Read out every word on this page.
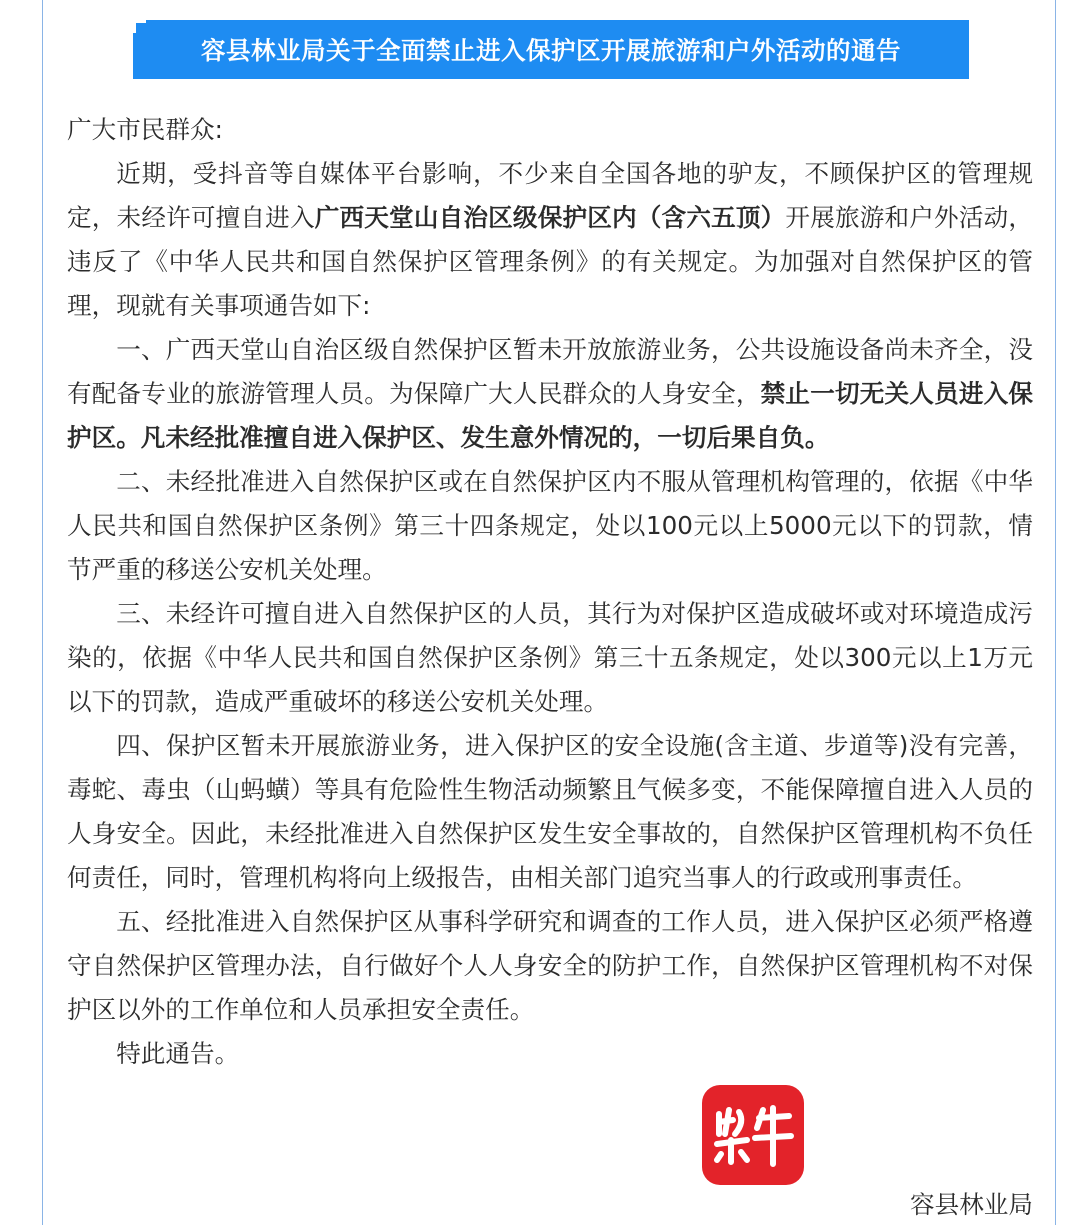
容县林业局关于全面禁止进入保护区开展旅游和户外活动的通告

广大市民群众:

近期，受抖音等自媒体平台影响，不少来自全国各地的驴友，不顾保护区的管理规定，未经许可擅自进入广西天堂山自治区级保护区内（含六五顶）开展旅游和户外活动，违反了《中华人民共和国自然保护区管理条例》的有关规定。为加强对自然保护区的管理，现就有关事项通告如下:

一、广西天堂山自治区级自然保护区暂未开放旅游业务，公共设施设备尚未齐全，没有配备专业的旅游管理人员。为保障广大人民群众的人身安全，禁止一切无关人员进入保护区。凡未经批准擅自进入保护区、发生意外情况的，一切后果自负。

二、未经批准进入自然保护区或在自然保护区内不服从管理机构管理的，依据《中华人民共和国自然保护区条例》第三十四条规定，处以100元以上5000元以下的罚款，情节严重的移送公安机关处理。

三、未经许可擅自进入自然保护区的人员，其行为对保护区造成破坏或对环境造成污染的，依据《中华人民共和国自然保护区条例》第三十五条规定，处以300元以上1万元以下的罚款，造成严重破坏的移送公安机关处理。

四、保护区暂未开展旅游业务，进入保护区的安全设施(含主道、步道等)没有完善，毒蛇、毒虫（山蚂蟥）等具有危险性生物活动频繁且气候多变，不能保障擅自进入人员的人身安全。因此，未经批准进入自然保护区发生安全事故的，自然保护区管理机构不负任何责任，同时，管理机构将向上级报告，由相关部门追究当事人的行政或刑事责任。

五、经批准进入自然保护区从事科学研究和调查的工作人员，进入保护区必须严格遵守自然保护区管理办法，自行做好个人人身安全的防护工作，自然保护区管理机构不对保护区以外的工作单位和人员承担安全责任。

特此通告。

容县林业局
